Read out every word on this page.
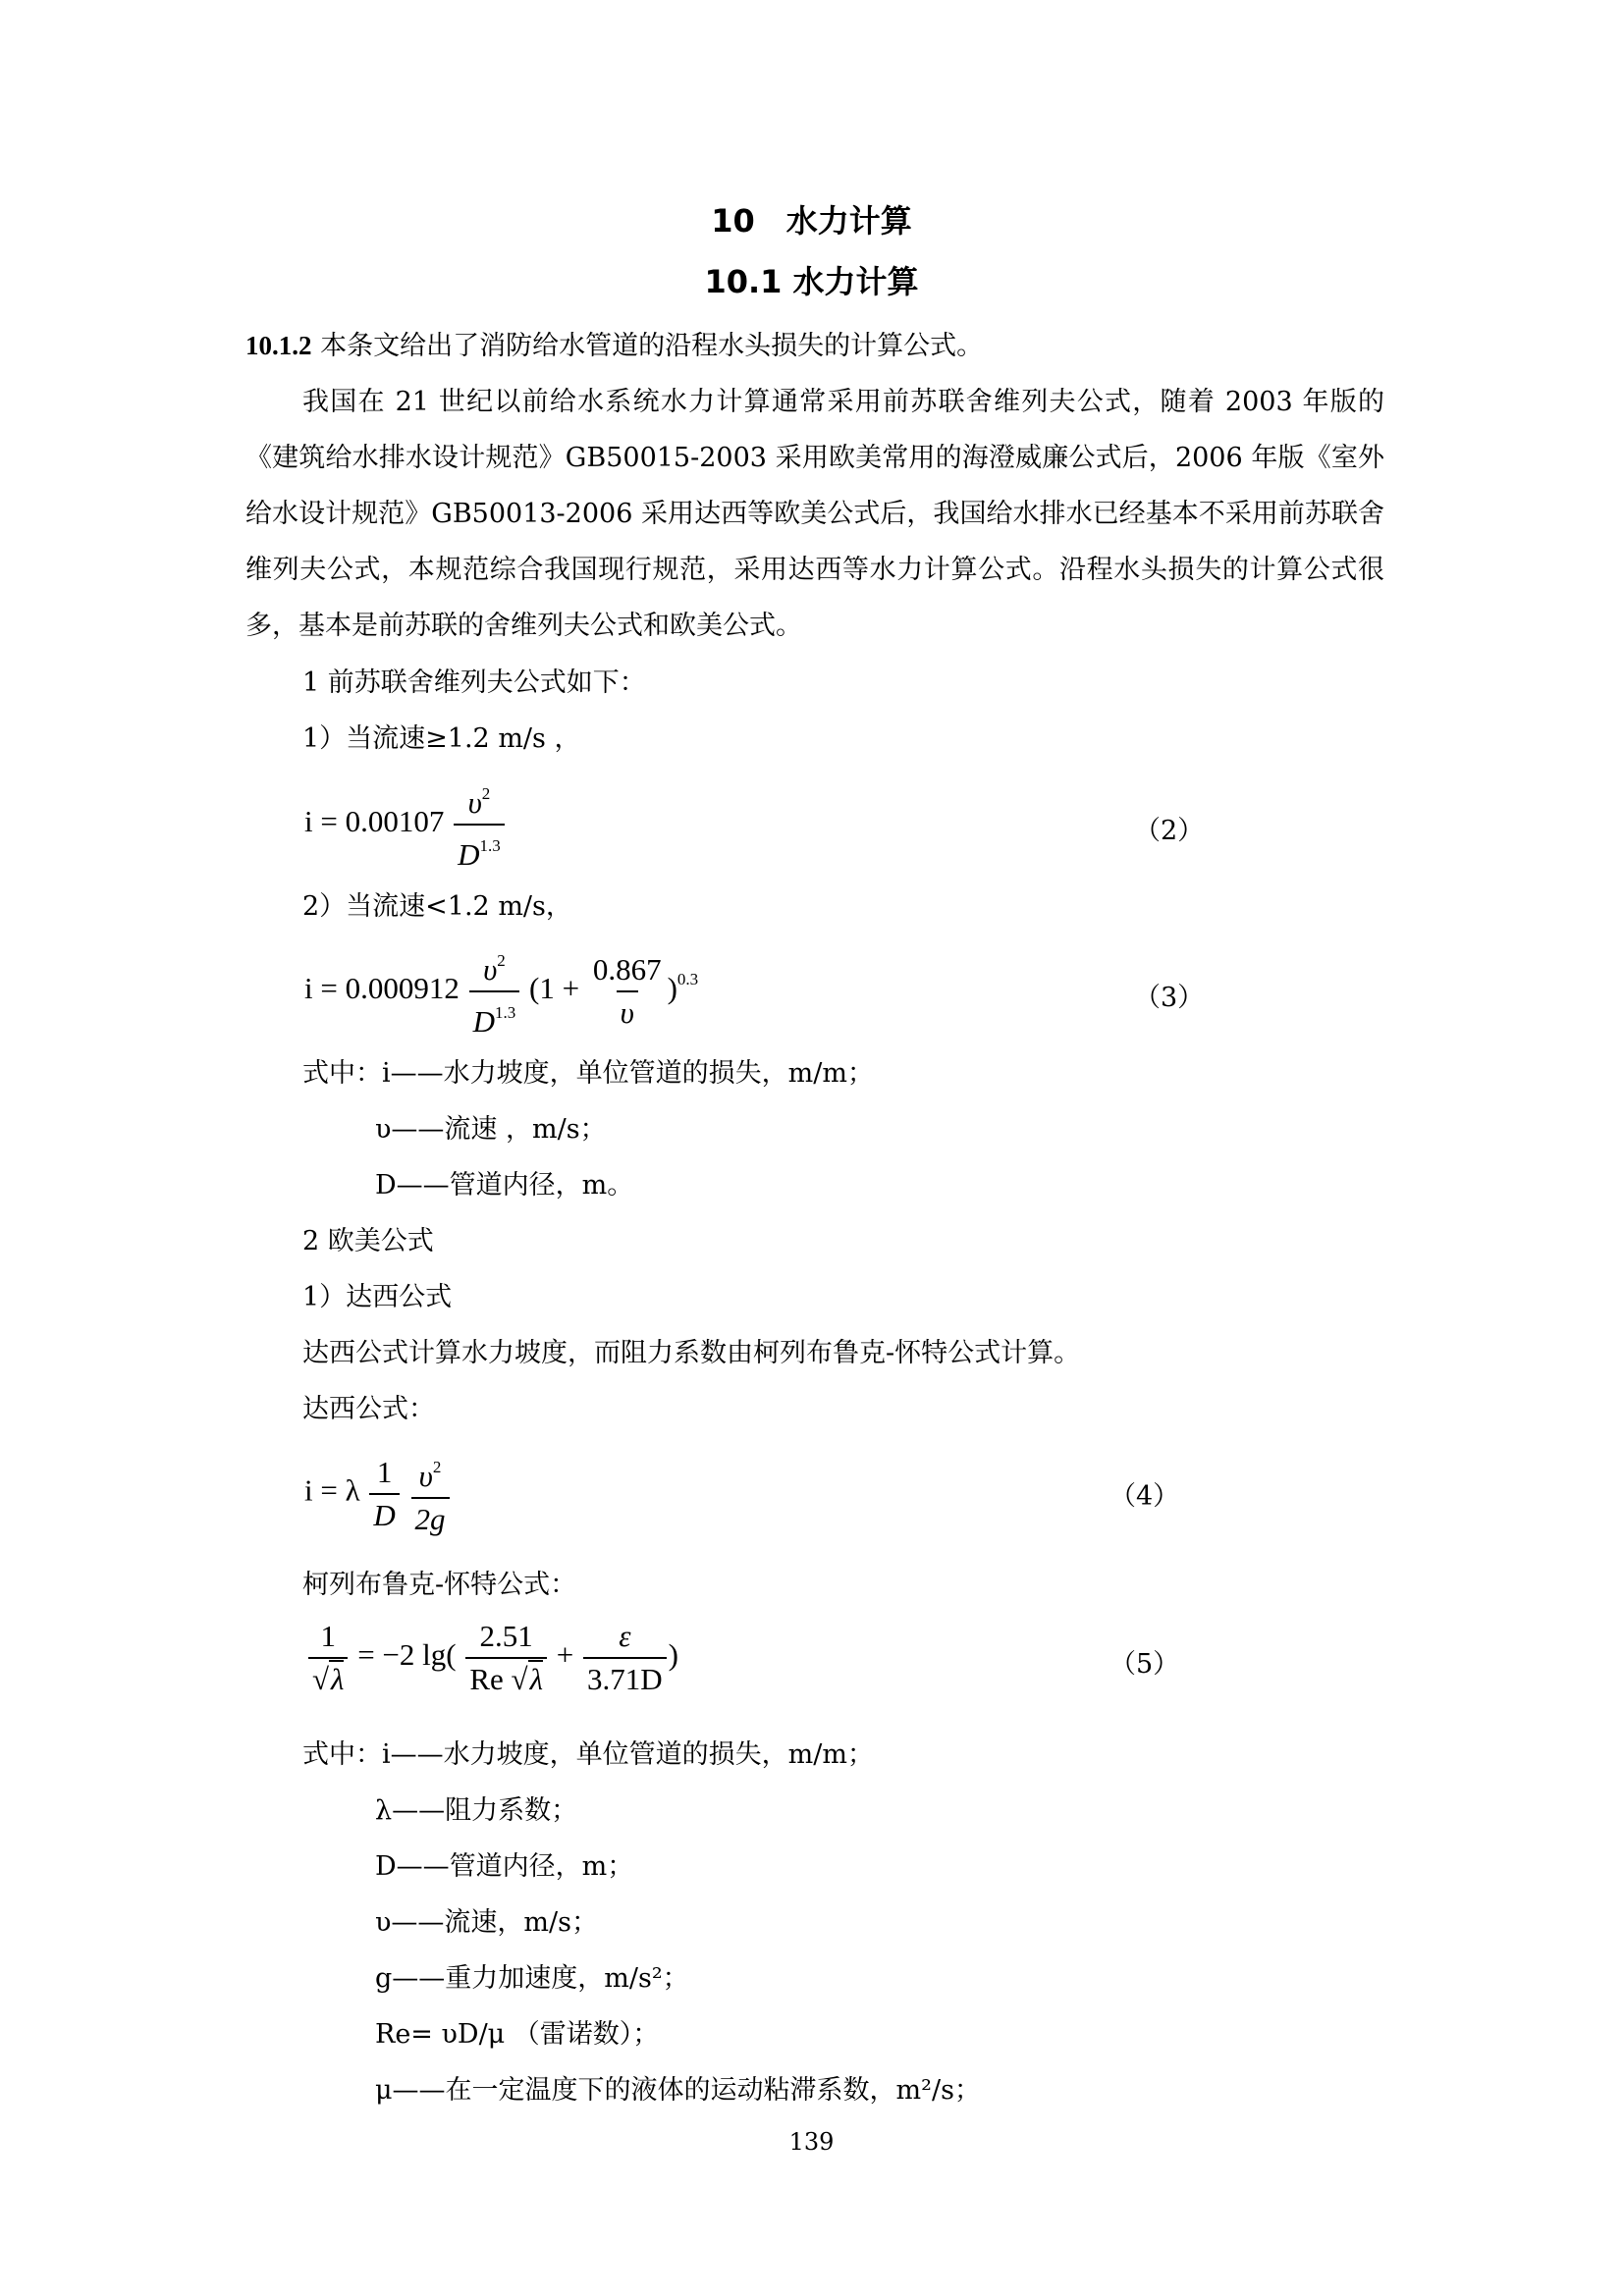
10　水力计算
10.1 水力计算
10.1.2 本条文给出了消防给水管道的沿程水头损失的计算公式。
我国在 21 世纪以前给水系统水力计算通常采用前苏联舍维列夫公式，随着 2003 年版的《建筑给水排水设计规范》GB50015-2003 采用欧美常用的海澄威廉公式后，2006 年版《室外给水设计规范》GB50013-2006 采用达西等欧美公式后，我国给水排水已经基本不采用前苏联舍维列夫公式，本规范综合我国现行规范，采用达西等水力计算公式。沿程水头损失的计算公式很多，基本是前苏联的舍维列夫公式和欧美公式。
1 前苏联舍维列夫公式如下：
1）当流速≥1.2 m/s ，
$i = 0.00107 \frac{\upsilon^2}{D^{1.3}}$	（2）
2）当流速<1.2 m/s，
$i = 0.000912 \frac{\upsilon^2}{D^{1.3}} (1 + \frac{0.867}{\upsilon} )^{0.3}$
（3）
式中：i——水力坡度，单位管道的损失，m/m；
υ——流速 ，m/s；
D——管道内径，m。
2 欧美公式
1）达西公式
达西公式计算水力坡度，而阻力系数由柯列布鲁克-怀特公式计算。
达西公式：
i = λ $\frac{1}{D}$
$\frac{\upsilon^2}{2g}$	（4）
柯列布鲁克-怀特公式：
$\frac{1}{√\lambda} = -2$ $\lg( \frac{2.51}{Re √\lambda} + \frac{\varepsilon}{3.71D}$ )	（5）
式中：i——水力坡度，单位管道的损失，m/m；
λ——阻力系数；
D——管道内径，m；
υ——流速，m/s；
g——重力加速度，m/s²；
Re= υD/μ （雷诺数）；
μ——在一定温度下的液体的运动粘滞系数，m²/s；
139
